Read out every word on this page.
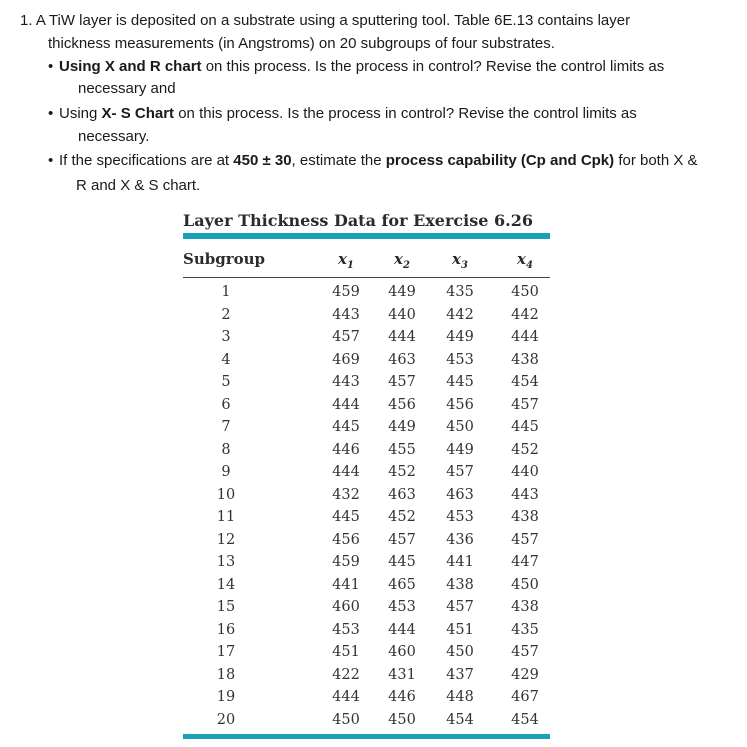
1. A TiW layer is deposited on a substrate using a sputtering tool. Table 6E.13 contains layer
thickness measurements (in Angstroms) on 20 subgroups of four substrates.
• Using X and R chart on this process. Is the process in control? Revise the control limits as
necessary and
• Using X- S Chart on this process. Is the process in control? Revise the control limits as
necessary.
• If the specifications are at 450 ± 30, estimate the process capability (Cp and Cpk) for both X &
R and X & S chart.
Layer Thickness Data for Exercise 6.26
Subgroup	$x_1$	$x_2$	$x_3$	$x_4$
1	459	449	435	450
2	443	440	442	442
3	457	444	449	444
4	469	463	453	438
5	443	457	445	454
6	444	456	456	457
7	445	449	450	445
8	446	455	449	452
9	444	452	457	440
10	432	463	463	443
11	445	452	453	438
12	456	457	436	457
13	459	445	441	447
14	441	465	438	450
15	460	453	457	438
16	453	444	451	435
17	451	460	450	457
18	422	431	437	429
19	444	446	448	467
20	450	450	454	454
